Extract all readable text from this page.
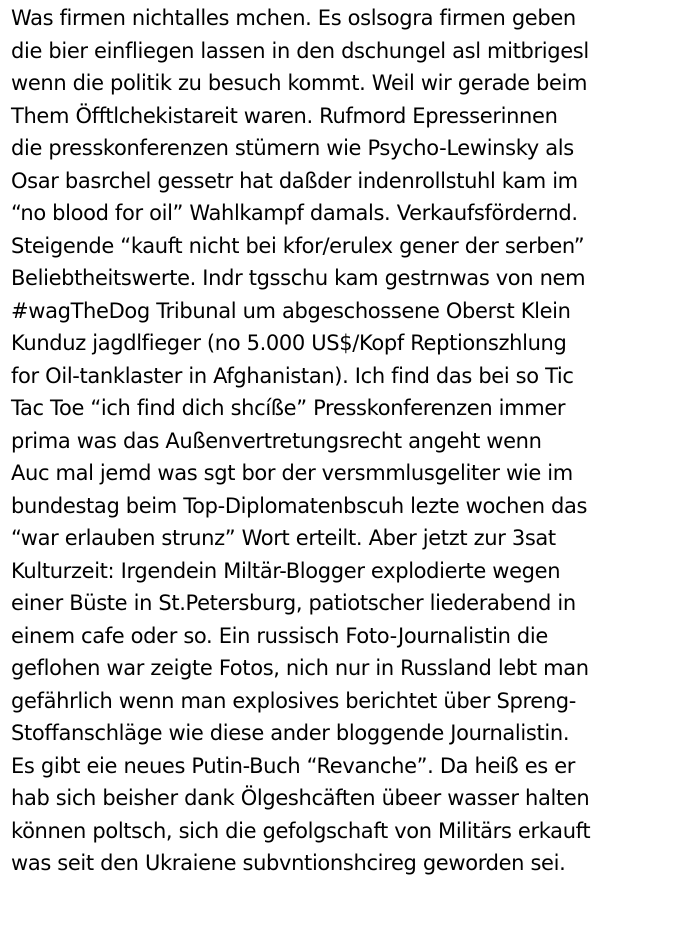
Was firmen nichtalles mchen. Es oslsogra firmen geben
die bier einfliegen lassen in den dschungel asl mitbrigesl
wenn die politik zu besuch kommt. Weil wir gerade beim
Them Öfftlchekistareit waren. Rufmord Epresserinnen
die presskonferenzen stümern wie Psycho-Lewinsky als
Osar basrchel gessetr hat daßder indenrollstuhl kam im
“no blood for oil” Wahlkampf damals. Verkaufsfördernd.
Steigende “kauft nicht bei kfor/erulex gener der serben”
Beliebtheitswerte. Indr tgsschu kam gestrnwas von nem
#wagTheDog Tribunal um abgeschossene Oberst Klein
Kunduz jagdlfieger (no 5.000 US$/Kopf Reptionszhlung
for Oil-tanklaster in Afghanistan). Ich find das bei so Tic
Tac Toe “ich find dich shcíße” Presskonferenzen immer
prima was das Außenvertretungsrecht angeht wenn
Auc mal jemd was sgt bor der versmmlusgeliter wie im
bundestag beim Top-Diplomatenbscuh lezte wochen das
“war erlauben strunz” Wort erteilt. Aber jetzt zur 3sat
Kulturzeit: Irgendein Miltär-Blogger explodierte wegen
einer Büste in St.Petersburg, patiotscher liederabend in
einem cafe oder so. Ein russisch Foto-Journalistin die
geflohen war zeigte Fotos, nich nur in Russland lebt man
gefährlich wenn man explosives berichtet über Spreng-
Stoffanschläge wie diese ander bloggende Journalistin.
Es gibt eie neues Putin-Buch “Revanche”. Da heiß es er
hab sich beisher dank Ölgeshcäften übeer wasser halten
können poltsch, sich die gefolgschaft von Militärs erkauft
was seit den Ukraiene subvntionshcireg geworden sei.
